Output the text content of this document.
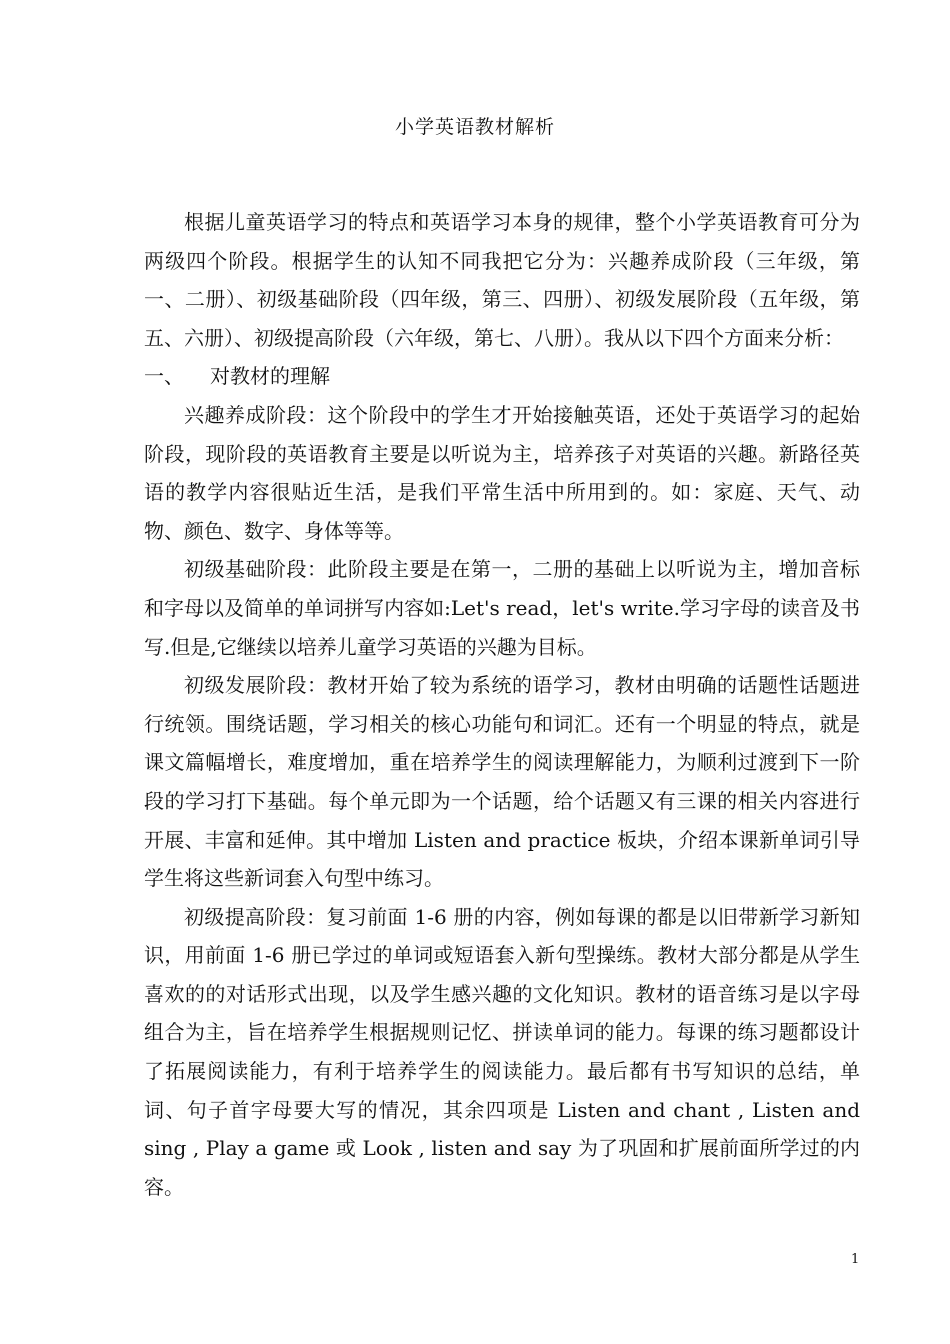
小学英语教材解析

根据儿童英语学习的特点和英语学习本身的规律，整个小学英语教育可分为两级四个阶段。根据学生的认知不同我把它分为：兴趣养成阶段（三年级，第一、二册）、初级基础阶段（四年级，第三、四册）、初级发展阶段（五年级，第五、六册）、初级提高阶段（六年级，第七、八册）。我从以下四个方面来分析：

一、 对教材的理解

兴趣养成阶段：这个阶段中的学生才开始接触英语，还处于英语学习的起始阶段，现阶段的英语教育主要是以听说为主，培养孩子对英语的兴趣。新路径英语的教学内容很贴近生活，是我们平常生活中所用到的。如：家庭、天气、动物、颜色、数字、身体等等。

初级基础阶段：此阶段主要是在第一，二册的基础上以听说为主，增加音标和字母以及简单的单词拼写内容如:Let's read，let's write.学习字母的读音及书写.但是,它继续以培养儿童学习英语的兴趣为目标。

初级发展阶段：教材开始了较为系统的语学习，教材由明确的话题性话题进行统领。围绕话题，学习相关的核心功能句和词汇。还有一个明显的特点，就是课文篇幅增长，难度增加，重在培养学生的阅读理解能力，为顺利过渡到下一阶段的学习打下基础。每个单元即为一个话题，给个话题又有三课的相关内容进行开展、丰富和延伸。其中增加 Listen and practice 板块，介绍本课新单词引导学生将这些新词套入句型中练习。

初级提高阶段：复习前面 1-6 册的内容，例如每课的都是以旧带新学习新知识，用前面 1-6 册已学过的单词或短语套入新句型操练。教材大部分都是从学生喜欢的的对话形式出现，以及学生感兴趣的文化知识。教材的语音练习是以字母组合为主，旨在培养学生根据规则记忆、拼读单词的能力。每课的练习题都设计了拓展阅读能力，有利于培养学生的阅读能力。最后都有书写知识的总结，单词、句子首字母要大写的情况，其余四项是 Listen and chant , Listen and sing , Play a game 或 Look , listen and say 为了巩固和扩展前面所学过的内容。

1
